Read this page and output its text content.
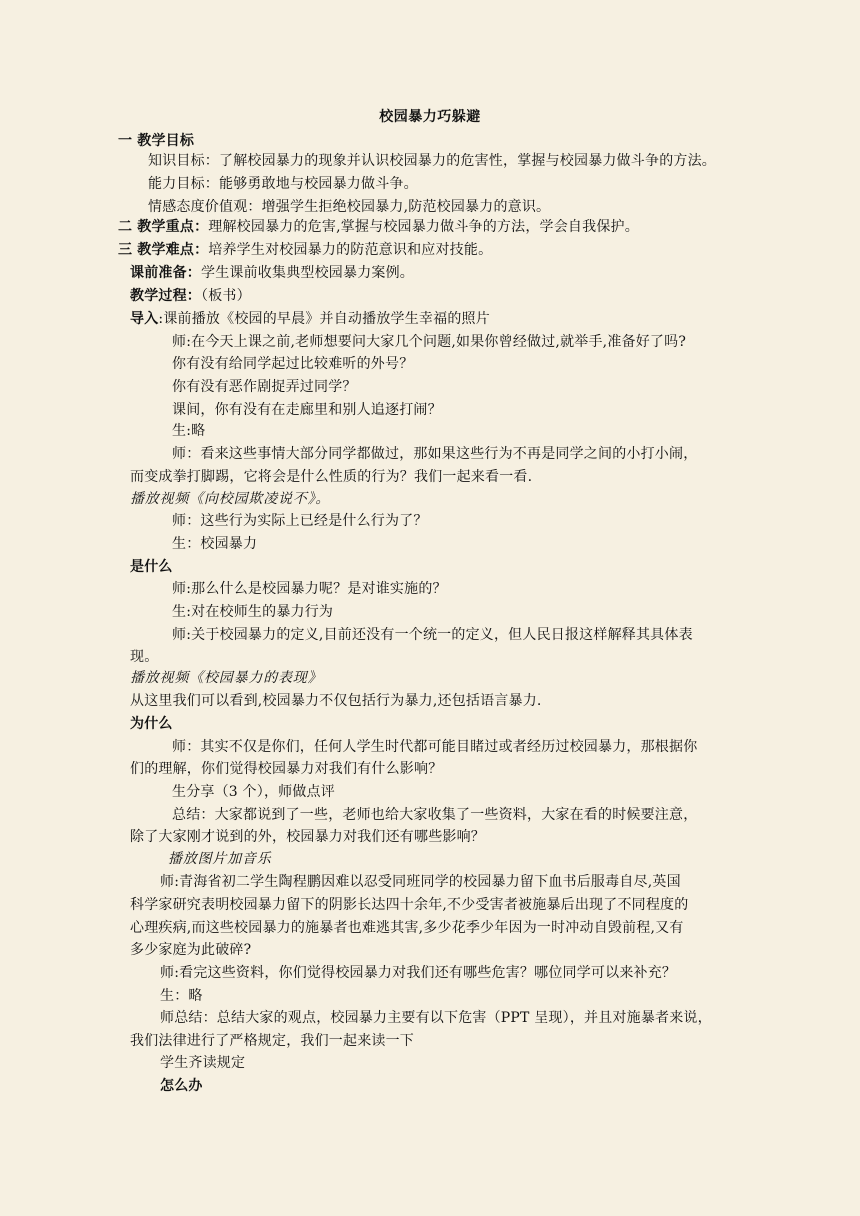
校园暴力巧躲避
一 教学目标
知识目标：了解校园暴力的现象并认识校园暴力的危害性，掌握与校园暴力做斗争的方法。
能力目标：能够勇敢地与校园暴力做斗争。
情感态度价值观：增强学生拒绝校园暴力,防范校园暴力的意识。
二 教学重点：理解校园暴力的危害,掌握与校园暴力做斗争的方法，学会自我保护。
三 教学难点：培养学生对校园暴力的防范意识和应对技能。
课前准备：学生课前收集典型校园暴力案例。
教学过程：（板书）
导入:课前播放《校园的早晨》并自动播放学生幸福的照片
师:在今天上课之前,老师想要问大家几个问题,如果你曾经做过,就举手,准备好了吗?
你有没有给同学起过比较难听的外号？
你有没有恶作剧捉弄过同学？
课间，你有没有在走廊里和别人追逐打闹？
生:略
师：看来这些事情大部分同学都做过，那如果这些行为不再是同学之间的小打小闹，
而变成拳打脚踢，它将会是什么性质的行为？我们一起来看一看.
播放视频《向校园欺凌说不》。
师：这些行为实际上已经是什么行为了？
生：校园暴力
是什么
师:那么什么是校园暴力呢？是对谁实施的？
生:对在校师生的暴力行为
师:关于校园暴力的定义,目前还没有一个统一的定义，但人民日报这样解释其具体表
现。
播放视频《校园暴力的表现》
从这里我们可以看到,校园暴力不仅包括行为暴力,还包括语言暴力.
为什么
师：其实不仅是你们，任何人学生时代都可能目睹过或者经历过校园暴力，那根据你
们的理解，你们觉得校园暴力对我们有什么影响？
生分享（3 个），师做点评
总结：大家都说到了一些，老师也给大家收集了一些资料，大家在看的时候要注意，
除了大家刚才说到的外，校园暴力对我们还有哪些影响？
播放图片加音乐
师:青海省初二学生陶程鹏因难以忍受同班同学的校园暴力留下血书后服毒自尽,英国
科学家研究表明校园暴力留下的阴影长达四十余年,不少受害者被施暴后出现了不同程度的
心理疾病,而这些校园暴力的施暴者也难逃其害,多少花季少年因为一时冲动自毁前程,又有
多少家庭为此破碎?
师:看完这些资料，你们觉得校园暴力对我们还有哪些危害？哪位同学可以来补充？
生：略
师总结：总结大家的观点，校园暴力主要有以下危害（PPT 呈现），并且对施暴者来说，
我们法律进行了严格规定，我们一起来读一下
学生齐读规定
怎么办
